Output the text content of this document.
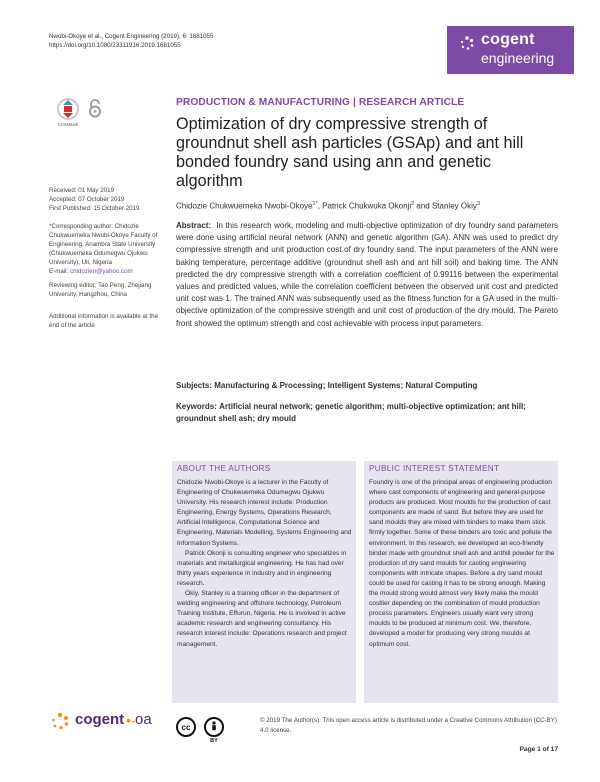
Nwobi-Okoye et al., Cogent Engineering (2019), 6: 1681055
https://doi.org/10.1080/23311916.2019.1681055	cogent
engineering
CrossMark
Received: 01 May 2019
Accepted: 07 October 2019
First Published: 15 October 2019
*Corresponding author: Chidozie Chukwuemeka Nwobi-Okoye Faculty of Engineering, Anambra State University (Chukwuemeka Odumegwu Ojukwu University), Uli, Nigeria
E-mail: chidozien@yahoo.com
Reviewing editor: Tao Peng, Zhejiang University, Hangzhou, China
Additional information is available at the end of the article
PRODUCTION & MANUFACTURING | RESEARCH ARTICLE
Optimization of dry compressive strength of groundnut shell ash particles (GSAp) and ant hill bonded foundry sand using ann and genetic algorithm
Chidozie Chukwuemeka Nwobi-Okoye$^{1*}$, Patrick Chukwuka Okonji$^2$ and Stanley Okiy$^3$
Abstract: In this research work, modeling and multi-objective optimization of dry foundry sand parameters were done using artificial neural network (ANN) and genetic algorithm (GA). ANN was used to predict dry compressive strength and unit production cost of dry foundry sand. The input parameters of the ANN were baking temperature, percentage additive (groundnut shell ash and ant hill soil) and baking time. The ANN predicted the dry compressive strength with a correlation coefficient of 0.99116 between the experimental values and predicted values, while the correlation coefficient between the observed unit cost and predicted unit cost was 1. The trained ANN was subsequently used as the fitness function for a GA used in the multi-objective optimization of the compressive strength and unit cost of production of the dry mould. The Pareto front showed the optimum strength and cost achievable with process input parameters.
Subjects: Manufacturing & Processing; Intelligent Systems; Natural Computing
Keywords: Artificial neural network; genetic algorithm; multi-objective optimization; ant hill; groundnut shell ash; dry mould
ABOUT THE AUTHORS

Chidozie Nwobi-Okoye is a lecturer in the Faculty of Engineering of Chukwuemeka Odumegwu Ojukwu University. His research interest include: Production Engineering, Energy Systems, Operations Research, Artificial Intelligence, Computational Science and Engineering, Materials Modelling, Systems Engineering and Information Systems.

Patrick Okonji is consulting engineer who specializes in materials and metallurgical engineering. He has had over thirty years experience in industry and in engineering research.

Okiy, Stanley is a training officer in the department of welding engineering and offshore technology, Petroleum Training Institute, Effurun, Nigeria. He is involved in active academic research and engineering consultancy. His research interest include: Operations research and project management.

PUBLIC INTEREST STATEMENT

Foundry is one of the principal areas of engineering production where cast components of engineering and general-purpose products are produced. Most moulds for the production of cast components are made of sand. But before they are used for sand moulds they are mixed with binders to make them stick firmly together. Some of these binders are toxic and pollute the environment. In this research, we developed an eco-friendly binder made with groundnut shell ash and anthill powder for the production of dry sand moulds for casting engineering components with intricate shapes. Before a dry sand mould could be used for casting it has to be strong enough. Making the mould strong would almost very likely make the mould costlier depending on the combination of mould production process parameters. Engineers usually want very strong moulds to be produced at minimum cost. We, therefore, developed a model for producing very strong moulds at optimum cost.

cogent •- oa	cc
BY
© 2019 The Author(s). This open access article is distributed under a Creative Commons Attribution (CC-BY) 4.0 license.
Page 1 of 17
